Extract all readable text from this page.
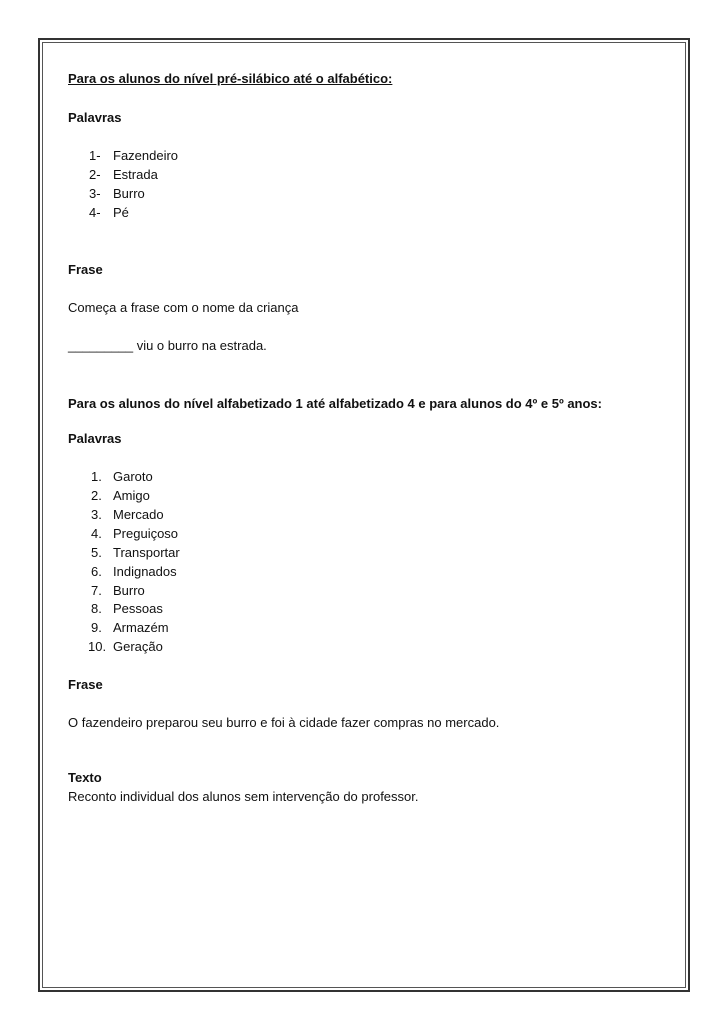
Para os alunos do nível pré-silábico até o alfabético:
Palavras
1- Fazendeiro
2- Estrada
3- Burro
4- Pé
Frase
Começa a frase com o nome da criança
_________ viu o burro na estrada.
Para os alunos do nível alfabetizado 1 até alfabetizado 4 e para alunos do 4º e 5º anos:
Palavras
1. Garoto
2. Amigo
3. Mercado
4. Preguiçoso
5. Transportar
6. Indignados
7. Burro
8. Pessoas
9. Armazém
10. Geração
Frase
O fazendeiro preparou seu burro e foi à cidade fazer compras no mercado.
Texto
Reconto individual dos alunos sem intervenção do professor.
